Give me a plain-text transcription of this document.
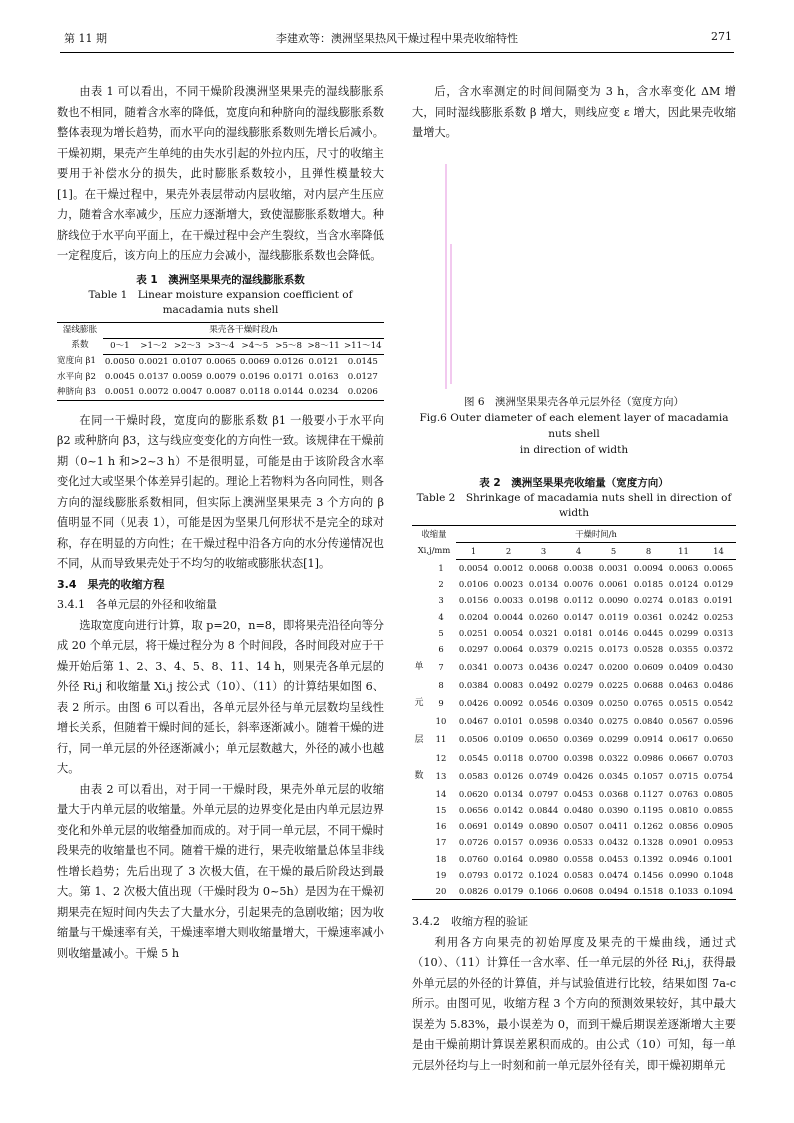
第 11 期	李建欢等：澳洲坚果热风干燥过程中果壳收缩特性	271

由表 1 可以看出，不同干燥阶段澳洲坚果果壳的湿线膨胀系数也不相同，随着含水率的降低，宽度向和种脐向的湿线膨胀系数整体表现为增长趋势，而水平向的湿线膨胀系数则先增长后减小。干燥初期，果壳产生单纯的由失水引起的外拉内压，尺寸的收缩主要用于补偿水分的损失，此时膨胀系数较小，且弹性模量较大[1]。在干燥过程中，果壳外表层带动内层收缩，对内层产生压应力，随着含水率减少，压应力逐渐增大，致使湿膨胀系数增大。种脐线位于水平向平面上，在干燥过程中会产生裂纹，当含水率降低一定程度后，该方向上的压应力会减小，湿线膨胀系数也会降低。

表 1　澳洲坚果果壳的湿线膨胀系数
Table 1　Linear moisture expansion coefficient of
macadamia nuts shell
湿线膨胀
系数	果壳各干燥时段/h							
	0～1	>1～2	>2～3	>3～4	>4～5	>5～8	>8～11	>11～14
宽度向 β1	0.0050	0.0021	0.0107	0.0065	0.0069	0.0126	0.0121	0.0145
水平向 β2	0.0045	0.0137	0.0059	0.0079	0.0196	0.0171	0.0163	0.0127
种脐向 β3	0.0051	0.0072	0.0047	0.0087	0.0118	0.0144	0.0234	0.0206

在同一干燥时段，宽度向的膨胀系数 β1 一般要小于水平向 β2 或种脐向 β3，这与线应变变化的方向性一致。该规律在干燥前期（0~1 h 和>2~3 h）不是很明显，可能是由于该阶段含水率变化过大或坚果个体差异引起的。理论上若物料为各向同性，则各方向的湿线膨胀系数相同，但实际上澳洲坚果果壳 3 个方向的 β 值明显不同（见表 1），可能是因为坚果几何形状不是完全的球对称，存在明显的方向性；在干燥过程中沿各方向的水分传递情况也不同，从而导致果壳处于不均匀的收缩或膨胀状态[1]。

3.4　果壳的收缩方程
3.4.1　各单元层的外径和收缩量

选取宽度向进行计算，取 p=20，n=8，即将果壳沿径向等分成 20 个单元层，将干燥过程分为 8 个时间段，各时间段对应于干燥开始后第 1、2、3、4、5、8、11、14 h，则果壳各单元层的外径 Ri,j 和收缩量 Xi,j 按公式（10）、（11）的计算结果如图 6、表 2 所示。由图 6 可以看出，各单元层外径与单元层数均呈线性增长关系，但随着干燥时间的延长，斜率逐渐减小。随着干燥的进行，同一单元层的外径逐渐减小；单元层数越大，外径的减小也越大。

由表 2 可以看出，对于同一干燥时段，果壳外单元层的收缩量大于内单元层的收缩量。外单元层的边界变化是由内单元层边界变化和外单元层的收缩叠加而成的。对于同一单元层，不同干燥时段果壳的收缩量也不同。随着干燥的进行，果壳收缩量总体呈非线性增长趋势；先后出现了 3 次极大值，在干燥的最后阶段达到最大。第 1、2 次极大值出现（干燥时段为 0~5h）是因为在干燥初期果壳在短时间内失去了大量水分，引起果壳的急剧收缩；因为收缩量与干燥速率有关，干燥速率增大则收缩量增大，干燥速率减小则收缩量减小。干燥 5 h

后，含水率测定的时间间隔变为 3 h，含水率变化 ΔM 增大，同时湿线膨胀系数 β 增大，则线应变 ε 增大，因此果壳收缩量增大。

图 6　澳洲坚果果壳各单元层外径（宽度方向）
Fig.6 Outer diameter of each element layer of macadamia nuts shell
in direction of width
表 2　澳洲坚果果壳收缩量（宽度方向）
Table 2　Shrinkage of macadamia nuts shell in direction of width
收缩量
Xi,j/mm		干燥时间/h							
		1	2	3	4	5	8	11	14
	1	0.0054	0.0012	0.0068	0.0038	0.0031	0.0094	0.0063	0.0065
	2	0.0106	0.0023	0.0134	0.0076	0.0061	0.0185	0.0124	0.0129
	3	0.0156	0.0033	0.0198	0.0112	0.0090	0.0274	0.0183	0.0191
	4	0.0204	0.0044	0.0260	0.0147	0.0119	0.0361	0.0242	0.0253
	5	0.0251	0.0054	0.0321	0.0181	0.0146	0.0445	0.0299	0.0313
	6	0.0297	0.0064	0.0379	0.0215	0.0173	0.0528	0.0355	0.0372
单	7	0.0341	0.0073	0.0436	0.0247	0.0200	0.0609	0.0409	0.0430
	8	0.0384	0.0083	0.0492	0.0279	0.0225	0.0688	0.0463	0.0486
元	9	0.0426	0.0092	0.0546	0.0309	0.0250	0.0765	0.0515	0.0542
	10	0.0467	0.0101	0.0598	0.0340	0.0275	0.0840	0.0567	0.0596
层	11	0.0506	0.0109	0.0650	0.0369	0.0299	0.0914	0.0617	0.0650
	12	0.0545	0.0118	0.0700	0.0398	0.0322	0.0986	0.0667	0.0703
数	13	0.0583	0.0126	0.0749	0.0426	0.0345	0.1057	0.0715	0.0754
	14	0.0620	0.0134	0.0797	0.0453	0.0368	0.1127	0.0763	0.0805
	15	0.0656	0.0142	0.0844	0.0480	0.0390	0.1195	0.0810	0.0855
	16	0.0691	0.0149	0.0890	0.0507	0.0411	0.1262	0.0856	0.0905
	17	0.0726	0.0157	0.0936	0.0533	0.0432	0.1328	0.0901	0.0953
	18	0.0760	0.0164	0.0980	0.0558	0.0453	0.1392	0.0946	0.1001
	19	0.0793	0.0172	0.1024	0.0583	0.0474	0.1456	0.0990	0.1048
	20	0.0826	0.0179	0.1066	0.0608	0.0494	0.1518	0.1033	0.1094
3.4.2　收缩方程的验证

利用各方向果壳的初始厚度及果壳的干燥曲线，通过式（10）、（11）计算任一含水率、任一单元层的外径 Ri,j，获得最外单元层的外径的计算值，并与试验值进行比较，结果如图 7a-c 所示。由图可见，收缩方程 3 个方向的预测效果较好，其中最大误差为 5.83%，最小误差为 0，而到干燥后期误差逐渐增大主要是由干燥前期计算误差累积而成的。由公式（10）可知，每一单元层外径均与上一时刻和前一单元层外径有关，即干燥初期单元
